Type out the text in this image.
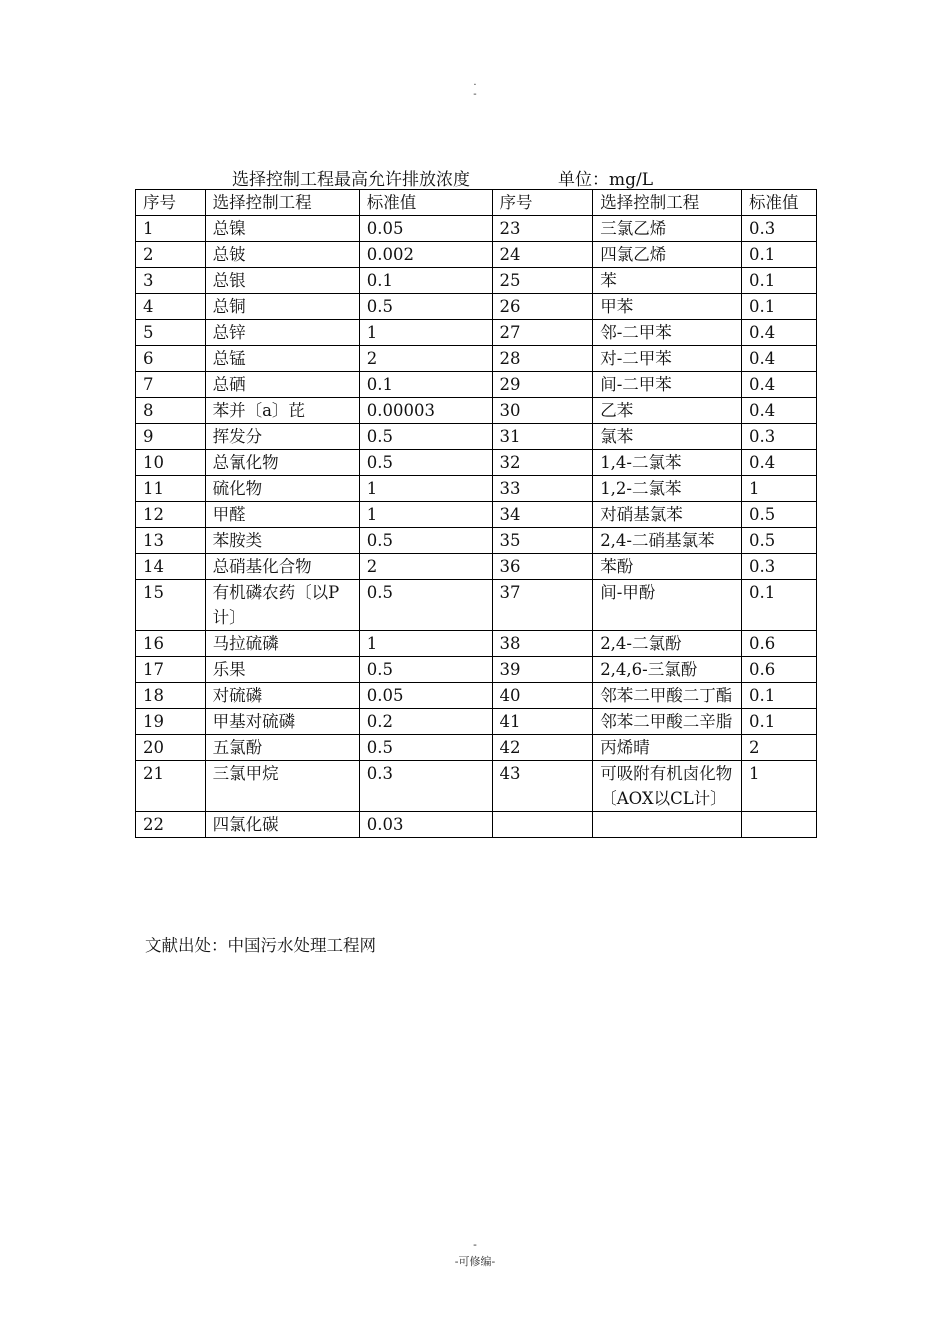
.
-
选择控制工程最高允许排放浓度	单位：mg/L
序号	选择控制工程	标准值	序号	选择控制工程	标准值
1	总镍	0.05	23	三氯乙烯	0.3
2	总铍	0.002	24	四氯乙烯	0.1
3	总银	0.1	25	苯	0.1
4	总铜	0.5	26	甲苯	0.1
5	总锌	1	27	邻-二甲苯	0.4
6	总锰	2	28	对-二甲苯	0.4
7	总硒	0.1	29	间-二甲苯	0.4
8	苯并〔a〕芘	0.00003	30	乙苯	0.4
9	挥发分	0.5	31	氯苯	0.3
10	总氰化物	0.5	32	1,4-二氯苯	0.4
11	硫化物	1	33	1,2-二氯苯	1
12	甲醛	1	34	对硝基氯苯	0.5
13	苯胺类	0.5	35	2,4-二硝基氯苯	0.5
14	总硝基化合物	2	36	苯酚	0.3
15	有机磷农药〔以P计〕	0.5	37	间-甲酚	0.1
16	马拉硫磷	1	38	2,4-二氯酚	0.6
17	乐果	0.5	39	2,4,6-三氯酚	0.6
18	对硫磷	0.05	40	邻苯二甲酸二丁酯	0.1
19	甲基对硫磷	0.2	41	邻苯二甲酸二辛脂	0.1
20	五氯酚	0.5	42	丙烯晴	2
21	三氯甲烷	0.3	43	可吸附有机卤化物〔AOX以CL计〕	1
22	四氯化碳	0.03			
文献出处：中国污水处理工程网
-
-可修编-
